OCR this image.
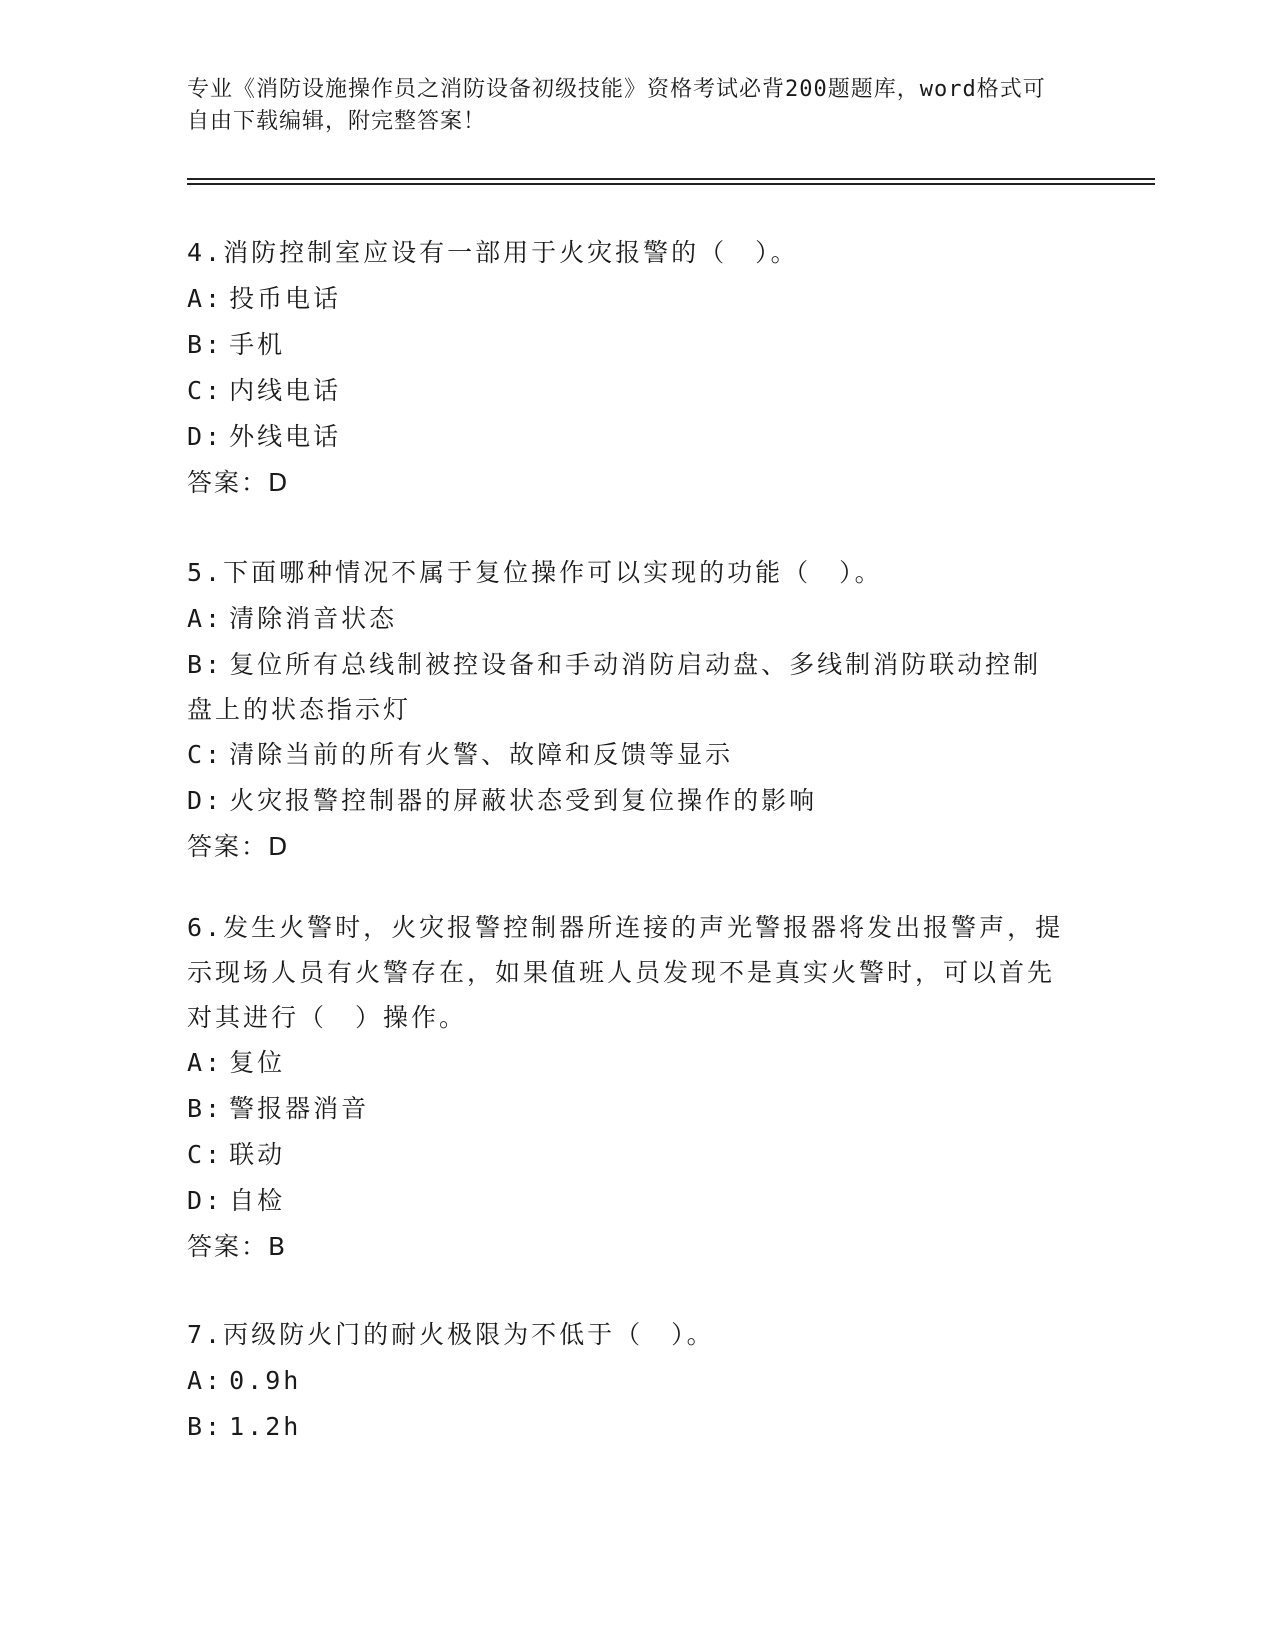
专业《消防设施操作员之消防设备初级技能》资格考试必背200题题库，word格式可自由下载编辑，附完整答案！
4.消防控制室应设有一部用于火灾报警的（　）。
A: 投币电话
B: 手机
C: 内线电话
D: 外线电话
答案：D
5.下面哪种情况不属于复位操作可以实现的功能（　）。
A: 清除消音状态
B: 复位所有总线制被控设备和手动消防启动盘、多线制消防联动控制盘上的状态指示灯
C: 清除当前的所有火警、故障和反馈等显示
D: 火灾报警控制器的屏蔽状态受到复位操作的影响
答案：D
6.发生火警时，火灾报警控制器所连接的声光警报器将发出报警声，提示现场人员有火警存在，如果值班人员发现不是真实火警时，可以首先对其进行（　）操作。
A: 复位
B: 警报器消音
C: 联动
D: 自检
答案：B
7.丙级防火门的耐火极限为不低于（　）。
A: 0.9h
B: 1.2h
